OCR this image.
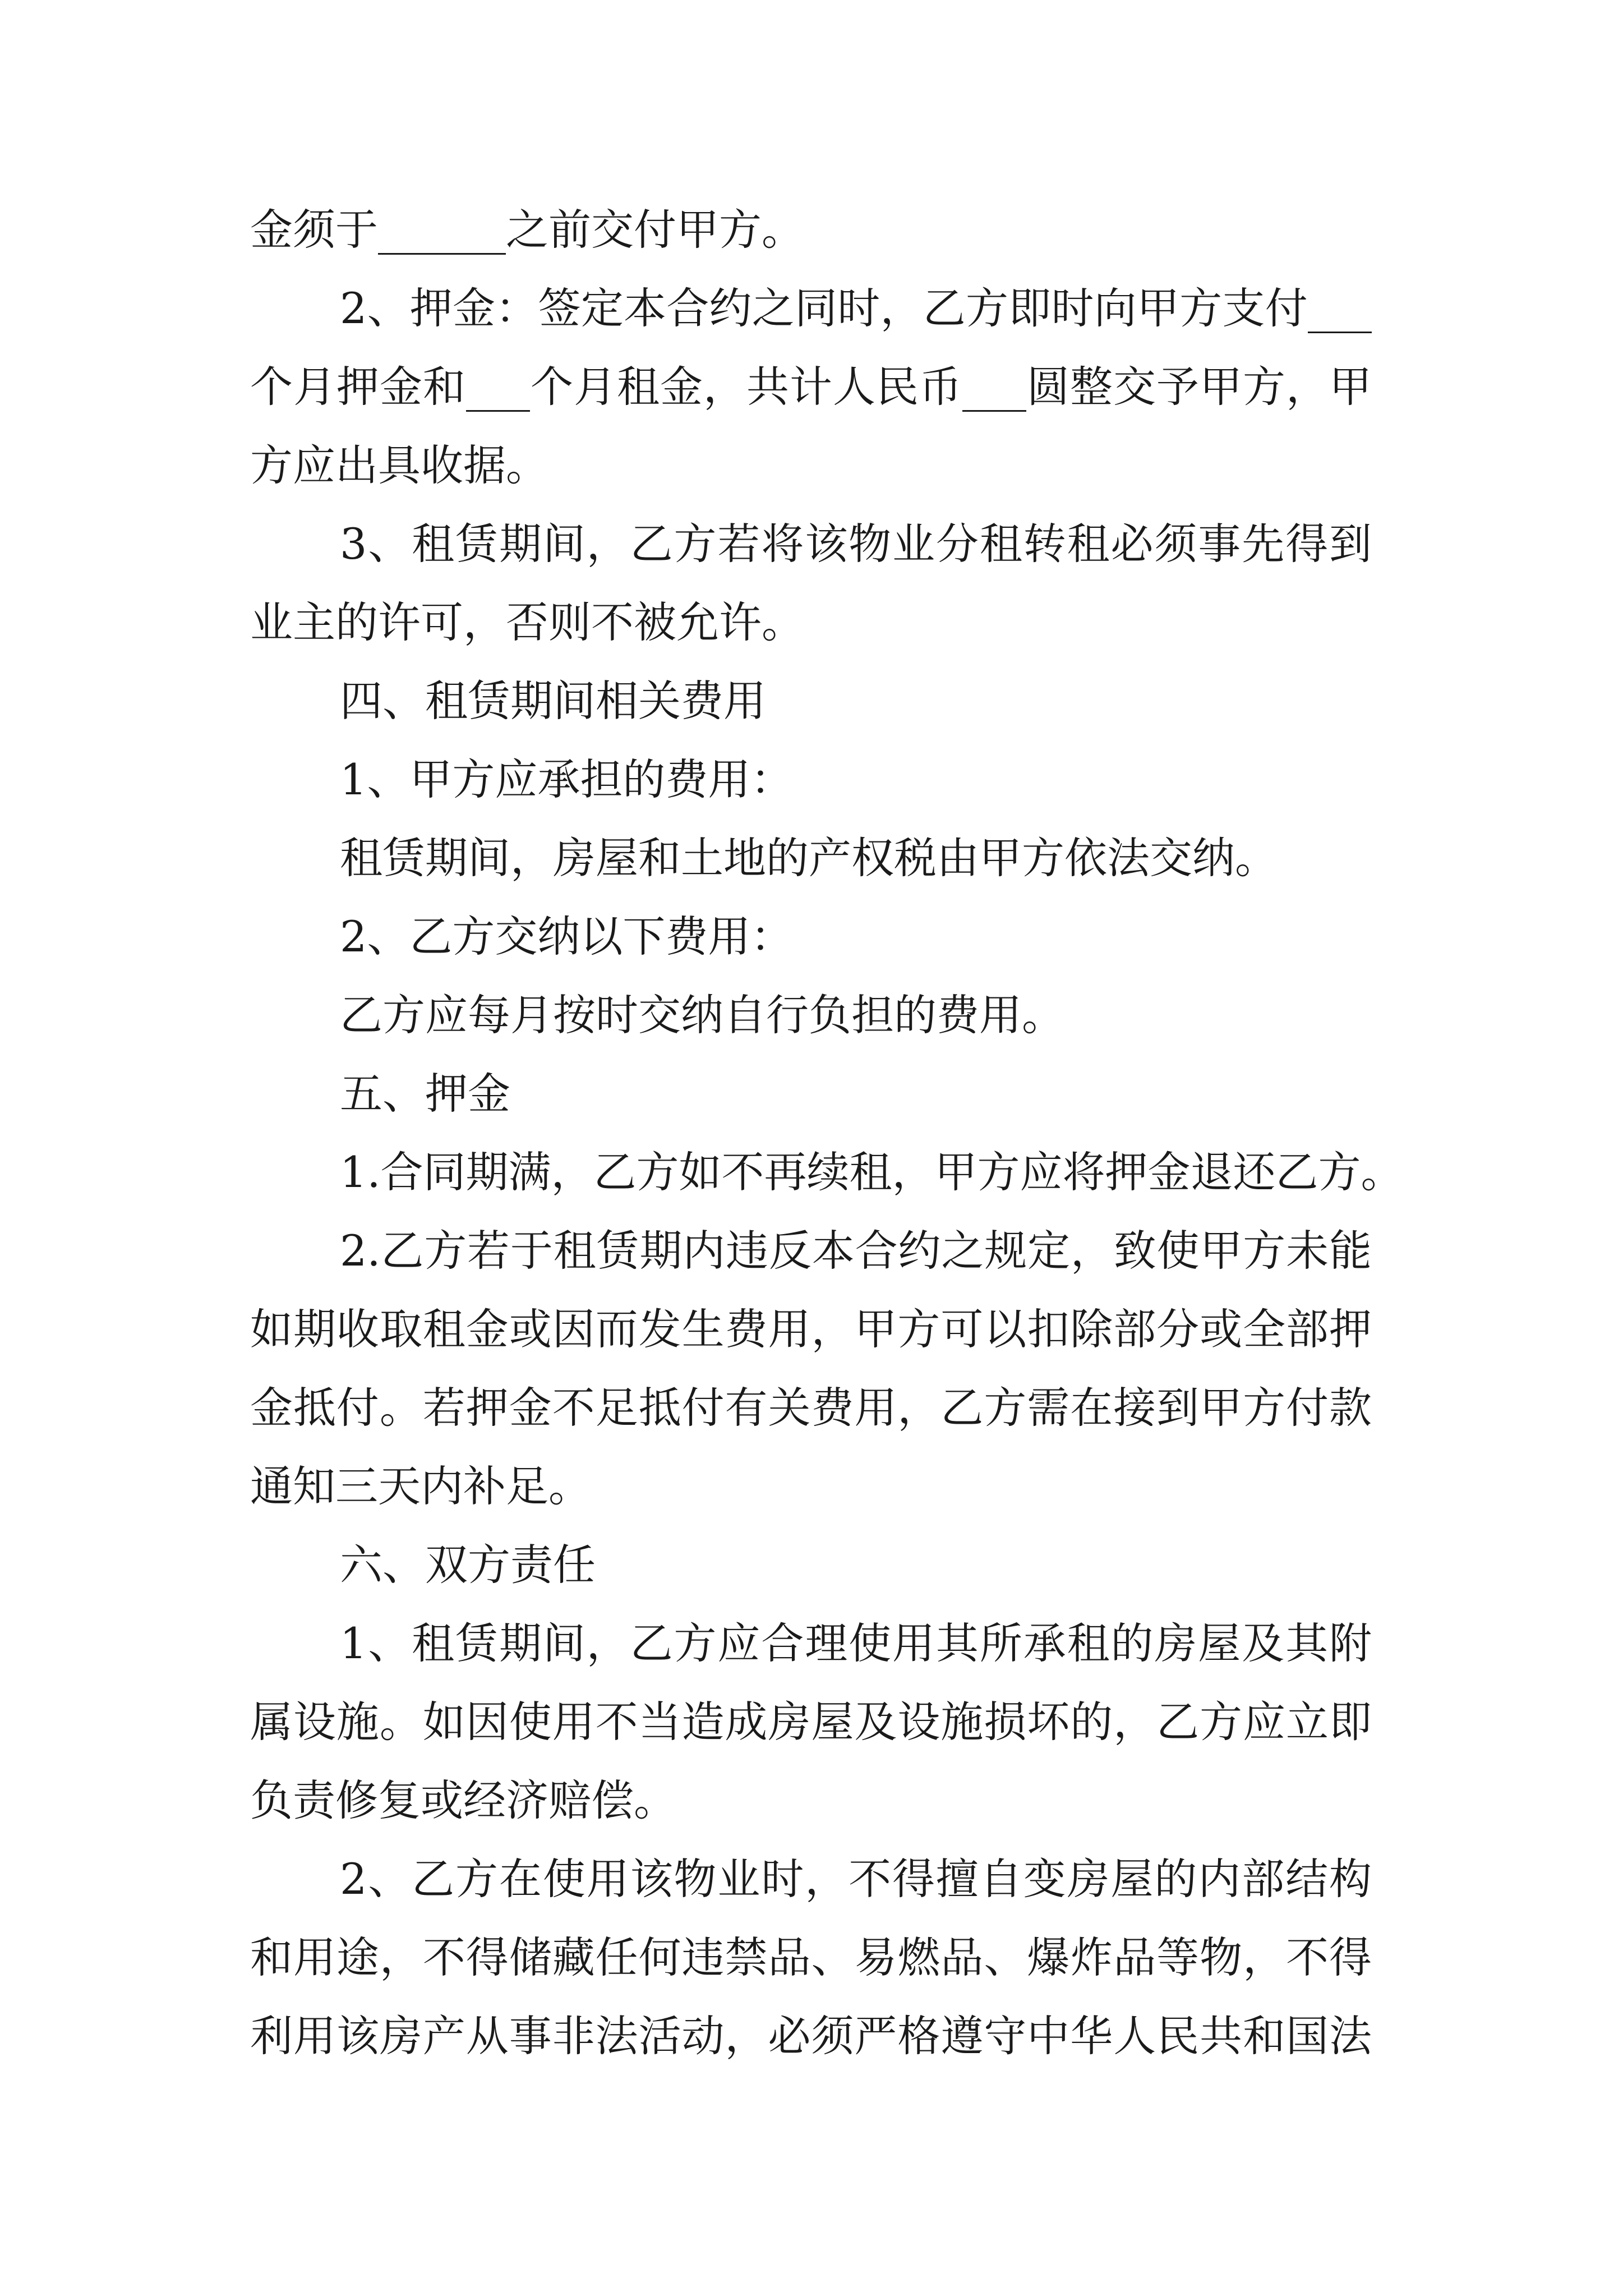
金须于______之前交付甲方。
2、押金：签定本合约之同时，乙方即时向甲方支付___
个月押金和___个月租金，共计人民币___圆整交予甲方，甲
方应出具收据。
3、租赁期间，乙方若将该物业分租转租必须事先得到
业主的许可，否则不被允许。
四、租赁期间相关费用
1、甲方应承担的费用：
租赁期间，房屋和土地的产权税由甲方依法交纳。
2、乙方交纳以下费用：
乙方应每月按时交纳自行负担的费用。
五、押金
1.合同期满，乙方如不再续租，甲方应将押金退还乙方。
2.乙方若于租赁期内违反本合约之规定，致使甲方未能
如期收取租金或因而发生费用，甲方可以扣除部分或全部押
金抵付。若押金不足抵付有关费用，乙方需在接到甲方付款
通知三天内补足。
六、双方责任
1、租赁期间，乙方应合理使用其所承租的房屋及其附
属设施。如因使用不当造成房屋及设施损坏的，乙方应立即
负责修复或经济赔偿。
2、乙方在使用该物业时，不得擅自变房屋的内部结构
和用途，不得储藏任何违禁品、易燃品、爆炸品等物，不得
利用该房产从事非法活动，必须严格遵守中华人民共和国法
